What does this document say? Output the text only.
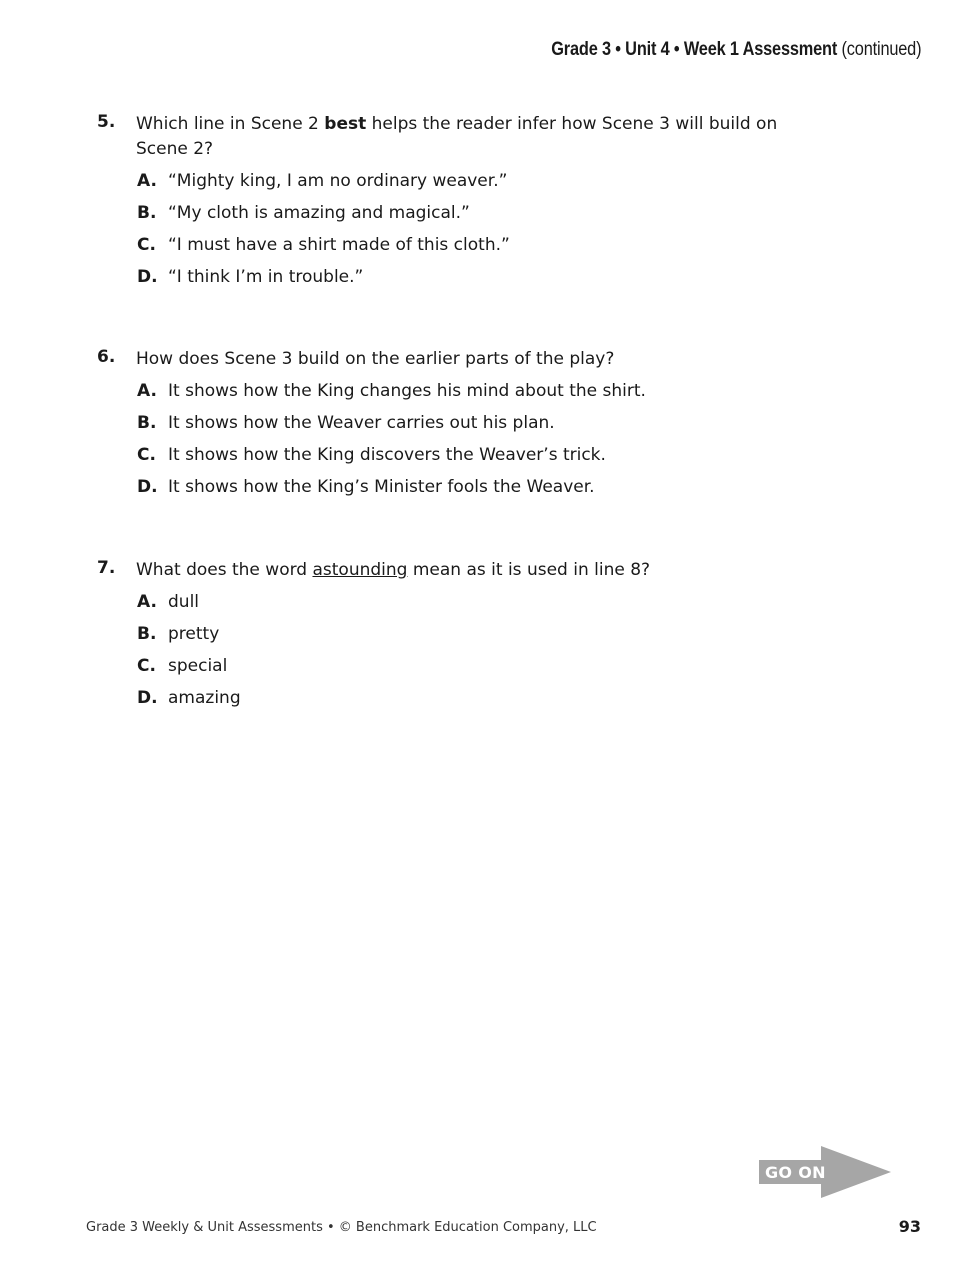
Grade 3 • Unit 4 • Week 1 Assessment (continued)
5. Which line in Scene 2 best helps the reader infer how Scene 3 will build on Scene 2?
A. “Mighty king, I am no ordinary weaver.”
B. “My cloth is amazing and magical.”
C. “I must have a shirt made of this cloth.”
D. “I think I’m in trouble.”
6. How does Scene 3 build on the earlier parts of the play?
A. It shows how the King changes his mind about the shirt.
B. It shows how the Weaver carries out his plan.
C. It shows how the King discovers the Weaver’s trick.
D. It shows how the King’s Minister fools the Weaver.
7. What does the word astounding mean as it is used in line 8?
A. dull
B. pretty
C. special
D. amazing
GO ON
Grade 3 Weekly & Unit Assessments • © Benchmark Education Company, LLC	93
